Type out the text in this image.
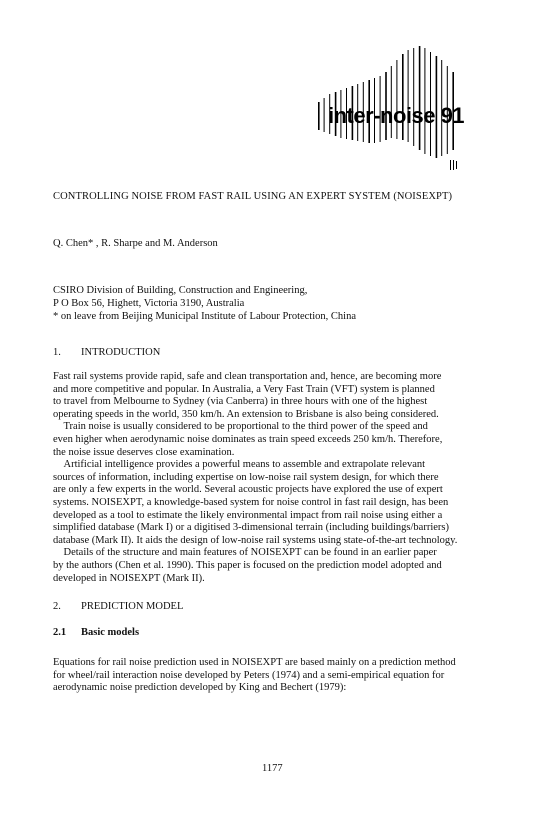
inter-noise 91
CONTROLLING NOISE FROM FAST RAIL USING AN EXPERT SYSTEM (NOISEXPT)
Q. Chen* , R. Sharpe and M. Anderson
CSIRO Division of Building, Construction and Engineering,
P O Box 56, Highett, Victoria 3190, Australia
* on leave from Beijing Municipal Institute of Labour Protection, China
1. INTRODUCTION
Fast rail systems provide rapid, safe and clean transportation and, hence, are becoming more
and more competitive and popular. In Australia, a Very Fast Train (VFT) system is planned
to travel from Melbourne to Sydney (via Canberra) in three hours with one of the highest
operating speeds in the world, 350 km/h. An extension to Brisbane is also being considered.
 Train noise is usually considered to be proportional to the third power of the speed and
even higher when aerodynamic noise dominates as train speed exceeds 250 km/h. Therefore,
the noise issue deserves close examination.
 Artificial intelligence provides a powerful means to assemble and extrapolate relevant
sources of information, including expertise on low-noise rail system design, for which there
are only a few experts in the world. Several acoustic projects have explored the use of expert
systems. NOISEXPT, a knowledge-based system for noise control in fast rail design, has been
developed as a tool to estimate the likely environmental impact from rail noise using either a
simplified database (Mark I) or a digitised 3-dimensional terrain (including buildings/barriers)
database (Mark II). It aids the design of low-noise rail systems using state-of-the-art technology.
 Details of the structure and main features of NOISEXPT can be found in an earlier paper
by the authors (Chen et al. 1990). This paper is focused on the prediction model adopted and
developed in NOISEXPT (Mark II).
2. PREDICTION MODEL
2.1 Basic models
Equations for rail noise prediction used in NOISEXPT are based mainly on a prediction method
for wheel/rail interaction noise developed by Peters (1974) and a semi-empirical equation for
aerodynamic noise prediction developed by King and Bechert (1979):
1177
